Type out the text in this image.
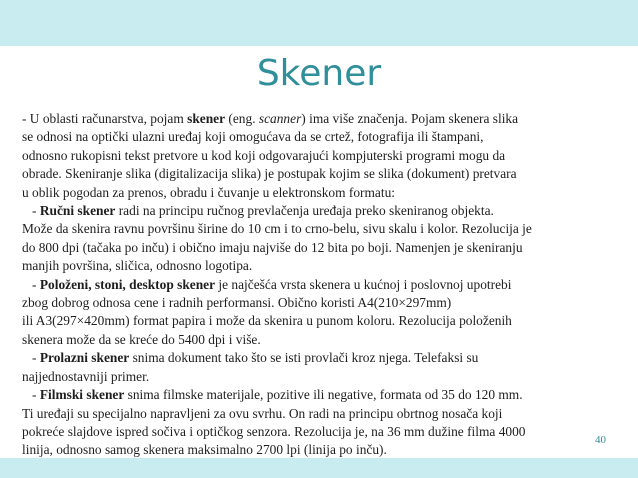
Skener
- U oblasti računarstva, pojam skener (eng. scanner) ima više značenja. Pojam skenera slika
se odnosi na optički ulazni uređaj koji omogućava da se crtež, fotografija ili štampani,
odnosno rukopisni tekst pretvore u kod koji odgovarajući kompjuterski programi mogu da
obrade. Skeniranje slika (digitalizacija slika) je postupak kojim se slika (dokument) pretvara
u oblik pogodan za prenos, obradu i čuvanje u elektronskom formatu:
- Ručni skener radi na principu ručnog prevlačenja uređaja preko skeniranog objekta.
Može da skenira ravnu površinu širine do 10 cm i to crno-belu, sivu skalu i kolor. Rezolucija je
do 800 dpi (tačaka po inču) i obično imaju najviše do 12 bita po boji. Namenjen je skeniranju
manjih površina, sličica, odnosno logotipa.
- Položeni, stoni, desktop skener je najčešća vrsta skenera u kućnoj i poslovnoj upotrebi
zbog dobrog odnosa cene i radnih performansi. Obično koristi A4(210×297mm)
ili A3(297×420mm) format papira i može da skenira u punom koloru. Rezolucija položenih
skenera može da se kreće do 5400 dpi i više.
- Prolazni skener snima dokument tako što se isti provlači kroz njega. Telefaksi su
najjednostavniji primer.
- Filmski skener snima filmske materijale, pozitive ili negative, formata od 35 do 120 mm.
Ti uređaji su specijalno napravljeni za ovu svrhu. On radi na principu obrtnog nosača koji
pokreće slajdove ispred sočiva i optičkog senzora. Rezolucija je, na 36 mm dužine filma 4000
linija, odnosno samog skenera maksimalno 2700 lpi (linija po inču).
40
